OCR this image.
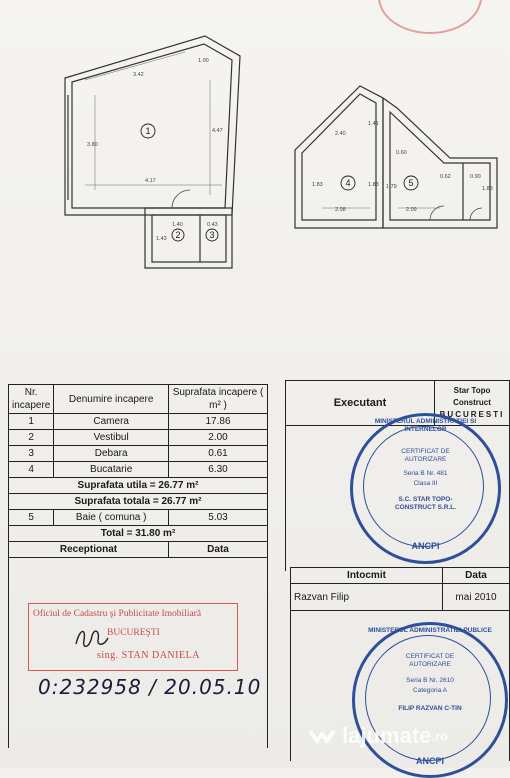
1
2	3
4	5
3.42
1.00
3.80
4.47
4.17
1.40
1.43
0.43
2.40
1.41
1.83	1.83
2.08
0.60
1.79
2.09
0.62	0.90
1.83
Nr. incapere	Denumire incapere	Suprafata incapere ( m² )
1	Camera	17.86
2	Vestibul	2.00
3	Debara	0.61
4	Bucatarie	6.30
Suprafata utila = 26.77 m²		
Suprafata totala = 26.77 m²		
5	Baie ( comuna )	5.03
Total = 31.80 m²		
Receptionat		Data

Executant	
Star Topo Construct
BUCURESTI

Intocmit	Data
Razvan Filip	mai 2010

MINISTERUL ADMINISTRATIEI SI INTERNELOR
CERTIFICAT DE AUTORIZARE
Seria B Nr. 481
Clasa III
S.C. STAR TOPO-CONSTRUCT S.R.L.
ANCPI
MINISTERUL ADMINISTRATIEI PUBLICE
CERTIFICAT DE AUTORIZARE
Seria B Nr. 2610
Categoria A
FILIP RAZVAN C-TIN
ANCPI
Oficiul de Cadastru şi Publicitate Imobiliară
BUCUREŞTI
sing. STAN DANIELA
0:232958 / 20.05.10
lajumate.ro
